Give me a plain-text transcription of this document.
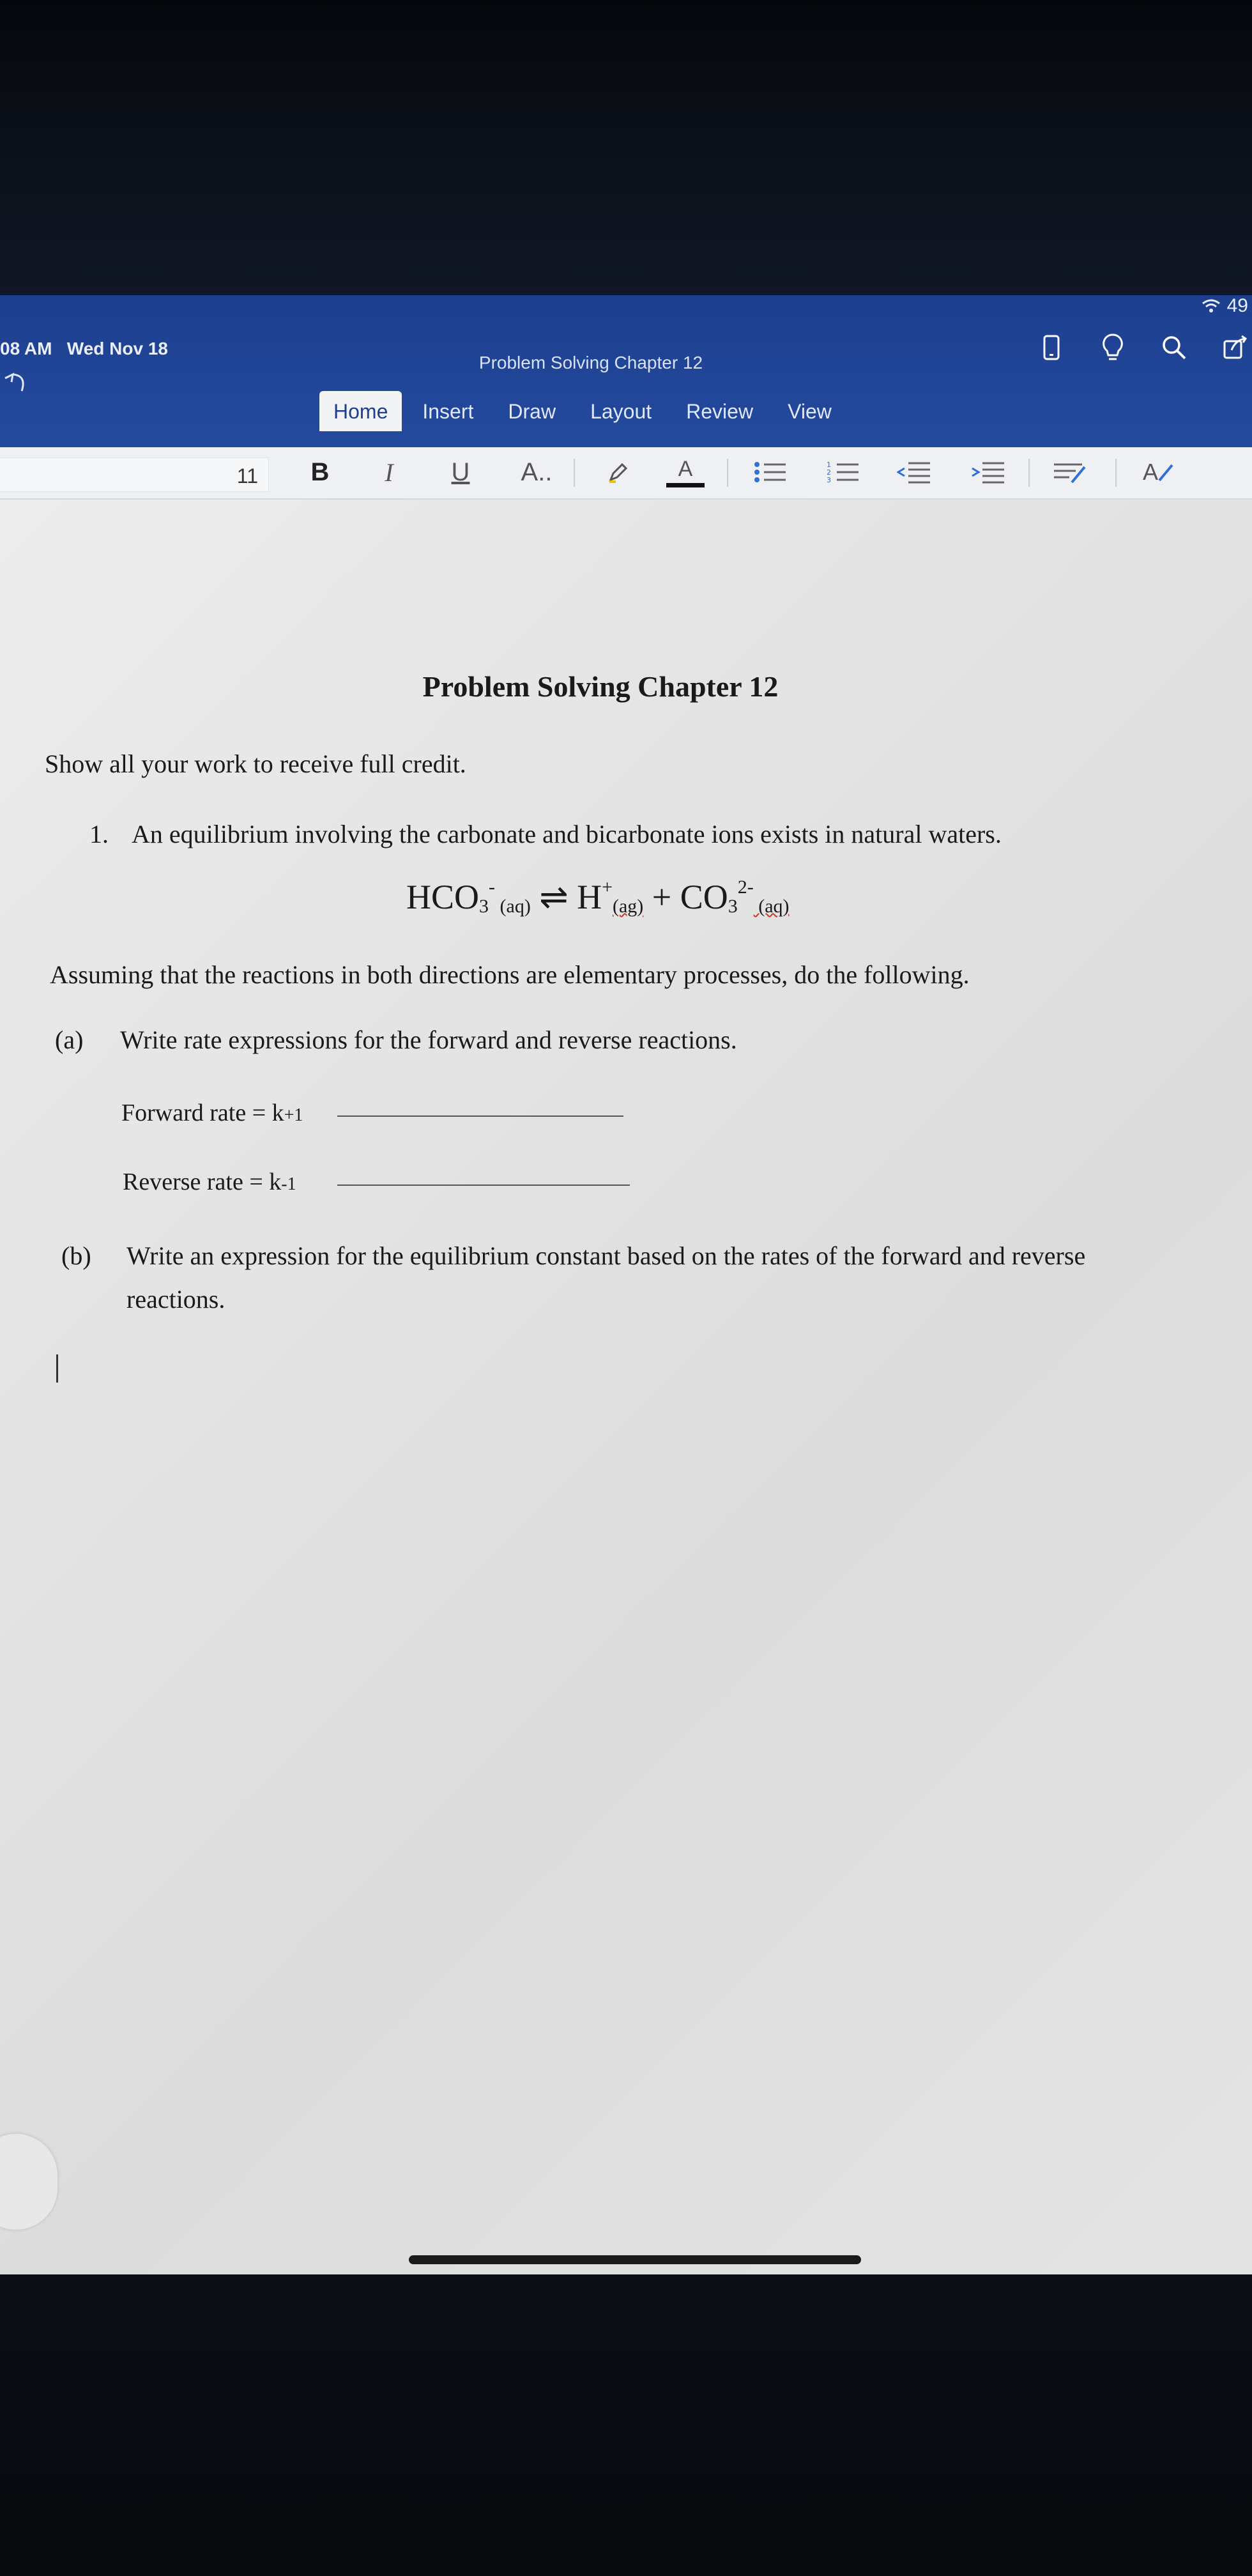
08 AM Wed Nov 18
49
Problem Solving Chapter 12
Home	Insert	Draw	Layout	Review	View
11 B	I	U	A..	A	1
2
3	A
Problem Solving Chapter 12
Show all your work to receive full credit.
1. An equilibrium involving the carbonate and bicarbonate ions exists in natural waters.
$HCO_3^-$ $_{(aq)}$ ⇌ $H^+_{(ag)} + CO_3^{2-}$ $_{(aq)}$
Assuming that the reactions in both directions are elementary processes, do the following.
(a) Write rate expressions for the forward and reverse reactions.
Forward rate = k+1
Reverse rate = k-1
(b) Write an expression for the equilibrium constant based on the rates of the forward and reverse
reactions.
